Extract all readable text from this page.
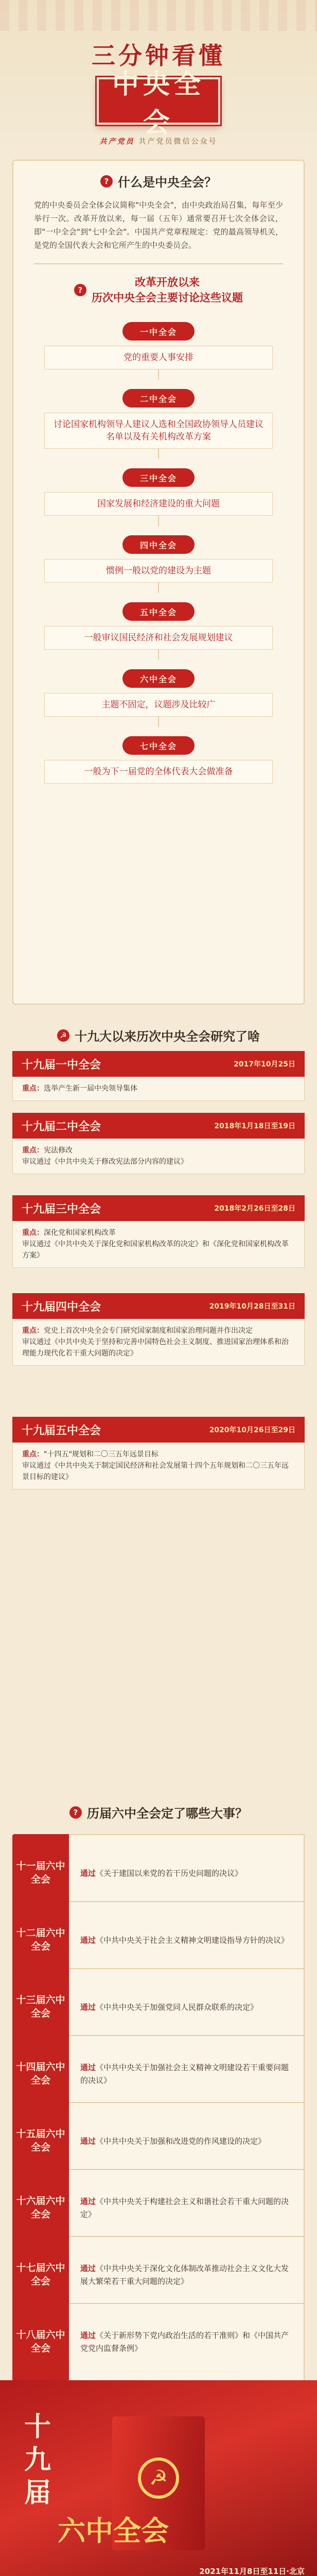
三分钟看懂
中央全会
共产党员 共产党员微信公众号
? 什么是中央全会？
党的中央委员会全体会议简称"中央全会"，由中央政治局召集，每年至少举行一次。改革开放以来，每一届（五年）通常要召开七次全体会议，即"一中全会"到"七中全会"。中国共产党章程规定：党的最高领导机关，是党的全国代表大会和它所产生的中央委员会。
?
改革开放以来
历次中央全会主要讨论这些议题
一中全会
党的重要人事安排
二中全会
讨论国家机构领导人建议人选和全国政协领导人员建议名单以及有关机构改革方案
三中全会
国家发展和经济建设的重大问题
四中全会
惯例一般以党的建设为主题
五中全会
一般审议国民经济和社会发展规划建议
六中全会
主题不固定，议题涉及比较广
七中全会
一般为下一届党的全体代表大会做准备
☭ 十九大以来历次中央全会研究了啥
十九届一中全会	2017年10月25日
重点：选举产生新一届中央领导集体
十九届二中全会	2018年1月18日至19日
重点：宪法修改
审议通过《中共中央关于修改宪法部分内容的建议》
十九届三中全会	2018年2月26日至28日
重点：深化党和国家机构改革
审议通过《中共中央关于深化党和国家机构改革的决定》和《深化党和国家机构改革方案》
十九届四中全会	2019年10月28日至31日
重点：党史上首次中央全会专门研究国家制度和国家治理问题并作出决定
审议通过《中共中央关于坚持和完善中国特色社会主义制度、推进国家治理体系和治理能力现代化若干重大问题的决定》
十九届五中全会	2020年10月26日至29日
重点："十四五"规划和二〇三五年远景目标
审议通过《中共中央关于制定国民经济和社会发展第十四个五年规划和二〇三五年远景目标的建议》
? 历届六中全会定了哪些大事？
十一届六中全会
通过《关于建国以来党的若干历史问题的决议》
十二届六中全会
通过《中共中央关于社会主义精神文明建设指导方针的决议》
十三届六中全会
通过《中共中央关于加强党同人民群众联系的决定》
十四届六中全会
通过《中共中央关于加强社会主义精神文明建设若干重要问题的决议》
十五届六中全会
通过《中共中央关于加强和改进党的作风建设的决定》
十六届六中全会
通过《中共中央关于构建社会主义和谐社会若干重大问题的决定》
十七届六中全会
通过《中共中央关于深化文化体制改革推动社会主义文化大发展大繁荣若干重大问题的决定》
十八届六中全会
通过《关于新形势下党内政治生活的若干准则》和《中国共产党党内监督条例》
☭
十九届
六中全会
2021年11月8日至11日·北京
